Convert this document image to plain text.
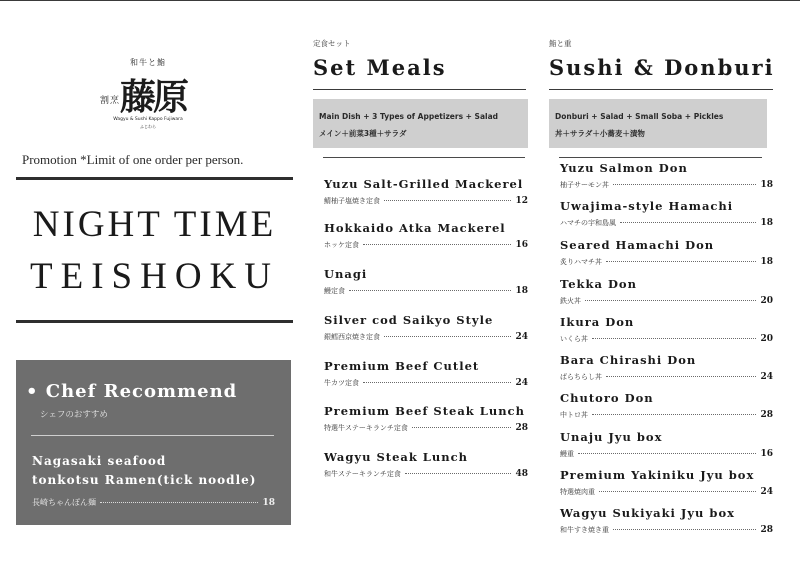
和牛と鮨
割烹 藤原
Wagyu & Sushi Kappo Fujiwara
ふじわら
Promotion *Limit of one order per person.
NIGHT TIME
TEISHOKU
• Chef Recommend
シェフのおすすめ
Nagasaki seafood
tonkotsu Ramen(tick noodle)
長崎ちゃんぽん麺	18
定食セット
Set Meals
Main Dish + 3 Types of Appetizers + Salad
メイン＋前菜3種＋サラダ
Yuzu Salt-Grilled Mackerel
鯖柚子塩焼き定食	12
Hokkaido Atka Mackerel
ホッケ定食	16
Unagi
鰻定食	18
Silver cod Saikyo Style
銀鱈西京焼き定食	24
Premium Beef Cutlet
牛カツ定食	24
Premium Beef Steak Lunch
特選牛ステーキランチ定食	28
Wagyu Steak Lunch
和牛ステーキランチ定食	48
鮨と重
Sushi & Donburi
Donburi + Salad + Small Soba + Pickles
丼＋サラダ＋小蕎麦＋漬物
Yuzu Salmon Don
柚子サーモン丼	18
Uwajima-style Hamachi
ハマチの宇和島風	18
Seared Hamachi Don
炙りハマチ丼	18
Tekka Don
鉄火丼	20
Ikura Don
いくら丼	20
Bara Chirashi Don
ばらちらし丼	24
Chutoro Don
中トロ丼	28
Unaju Jyu box
鰻重	16
Premium Yakiniku Jyu box
特選焼肉重	24
Wagyu Sukiyaki Jyu box
和牛すき焼き重	28
